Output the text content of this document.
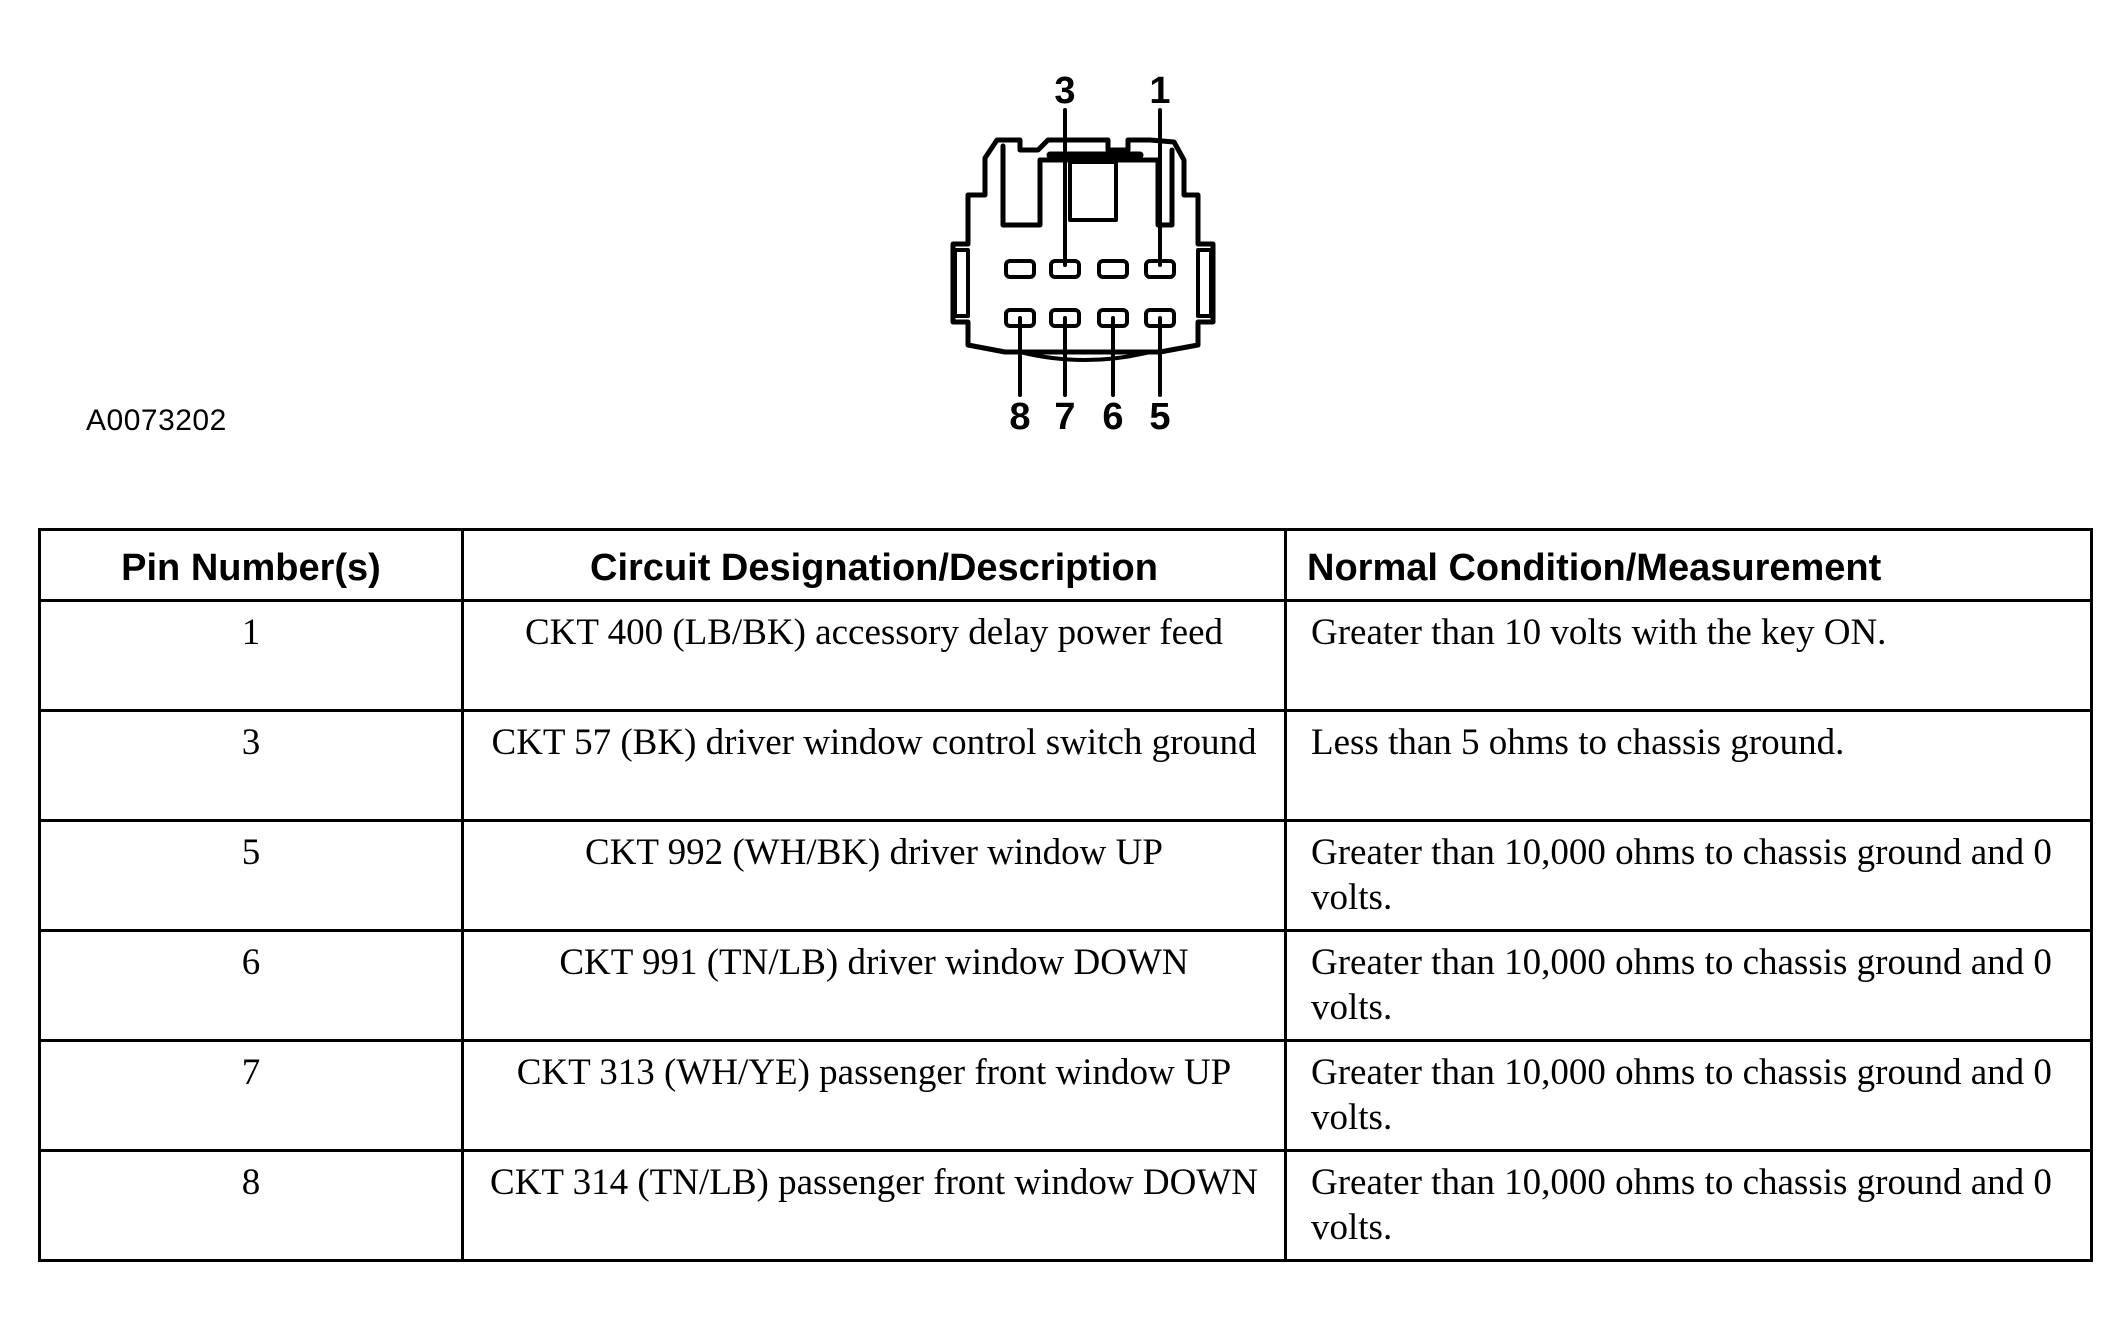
3 1
8 7 6 5
A0073202
Pin Number(s)	Circuit Designation/Description	Normal Condition/Measurement
1	CKT 400 (LB/BK) accessory delay power feed	Greater than 10 volts with the key ON.
3	CKT 57 (BK) driver window control switch ground	Less than 5 ohms to chassis ground.
5	CKT 992 (WH/BK) driver window UP	Greater than 10,000 ohms to chassis ground and 0 volts.
6	CKT 991 (TN/LB) driver window DOWN	Greater than 10,000 ohms to chassis ground and 0 volts.
7	CKT 313 (WH/YE) passenger front window UP	Greater than 10,000 ohms to chassis ground and 0 volts.
8	CKT 314 (TN/LB) passenger front window DOWN	Greater than 10,000 ohms to chassis ground and 0 volts.
